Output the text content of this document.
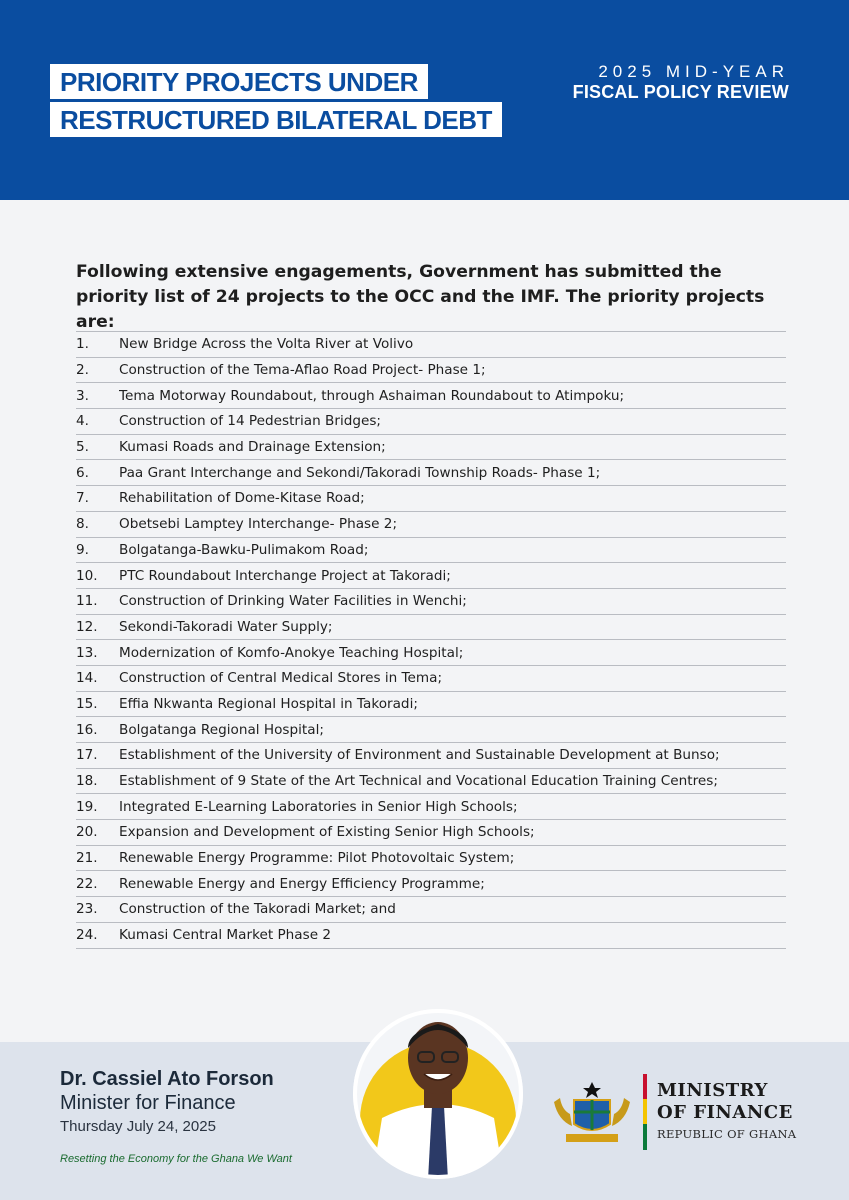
PRIORITY PROJECTS UNDER
RESTRUCTURED BILATERAL DEBT
2025 MID-YEAR
FISCAL POLICY REVIEW

Following extensive engagements, Government has submitted the priority list of 24 projects to the OCC and the IMF. The priority projects are:

1.	New Bridge Across the Volta River at Volivo
2.	Construction of the Tema-Aflao Road Project- Phase 1;
3.	Tema Motorway Roundabout, through Ashaiman Roundabout to Atimpoku;
4.	Construction of 14 Pedestrian Bridges;
5.	Kumasi Roads and Drainage Extension;
6.	Paa Grant Interchange and Sekondi/Takoradi Township Roads- Phase 1;
7.	Rehabilitation of Dome-Kitase Road;
8.	Obetsebi Lamptey Interchange- Phase 2;
9.	Bolgatanga-Bawku-Pulimakom Road;
10.	PTC Roundabout Interchange Project at Takoradi;
11.	Construction of Drinking Water Facilities in Wenchi;
12.	Sekondi-Takoradi Water Supply;
13.	Modernization of Komfo-Anokye Teaching Hospital;
14.	Construction of Central Medical Stores in Tema;
15.	Effia Nkwanta Regional Hospital in Takoradi;
16.	Bolgatanga Regional Hospital;
17.	Establishment of the University of Environment and Sustainable Development at Bunso;
18.	Establishment of 9 State of the Art Technical and Vocational Education Training Centres;
19.	Integrated E-Learning Laboratories in Senior High Schools;
20.	Expansion and Development of Existing Senior High Schools;
21.	Renewable Energy Programme: Pilot Photovoltaic System;
22.	Renewable Energy and Energy Efficiency Programme;
23.	Construction of the Takoradi Market; and
24.	Kumasi Central Market Phase 2
Dr. Cassiel Ato Forson
Minister for Finance
Thursday July 24, 2025
Resetting the Economy for the Ghana We Want
MINISTRY
OF FINANCE
REPUBLIC OF GHANA
